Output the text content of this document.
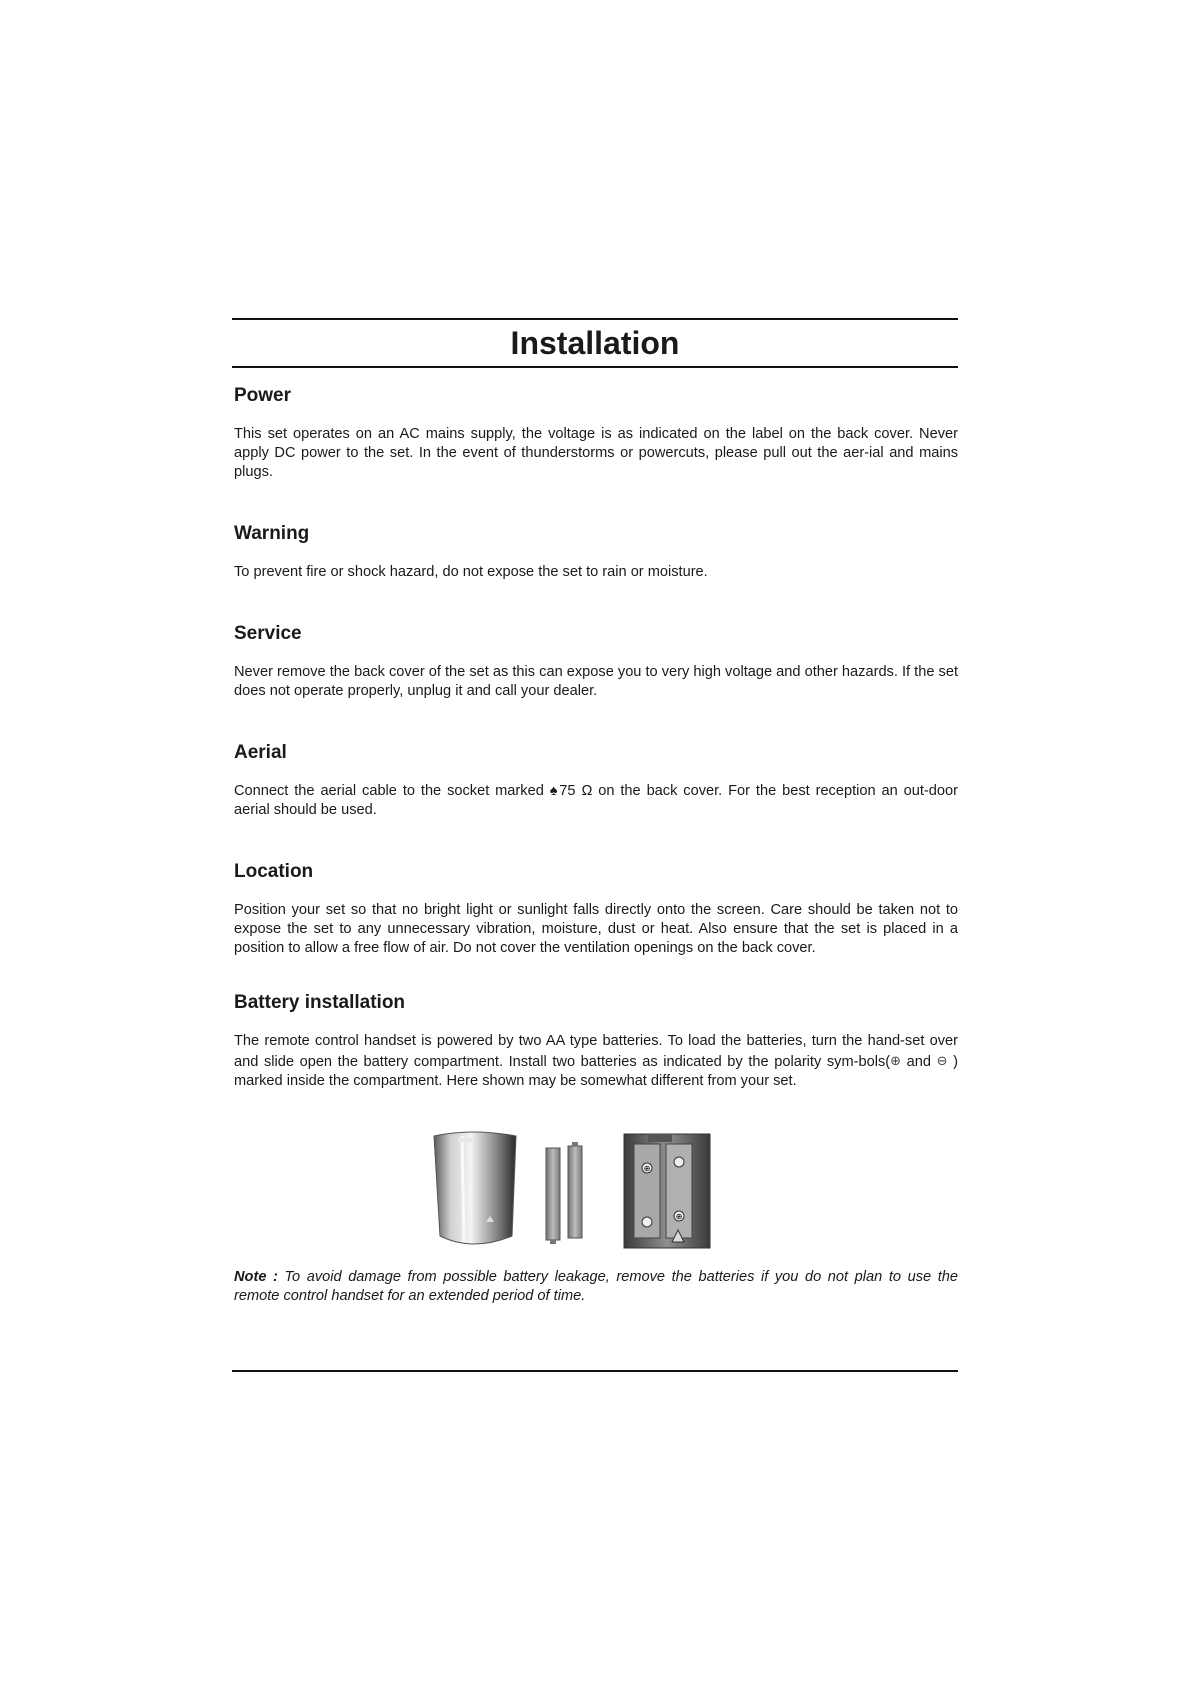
Installation
Power

This set operates on an AC mains supply, the voltage is as indicated on the label on the back cover. Never apply DC power to the set. In the event of thunderstorms or powercuts, please pull out the aer-ial and mains plugs.

Warning

To prevent fire or shock hazard, do not expose the set to rain or moisture.

Service

Never remove the back cover of the set as this can expose you to very high voltage and other hazards. If the set does not operate properly, unplug it and call your dealer.

Aerial

Connect the aerial cable to the socket marked ♠75 Ω on the back cover. For the best reception an out-door aerial should be used.

Location

Position your set so that no bright light or sunlight falls directly onto the screen. Care should be taken not to expose the set to any unnecessary vibration, moisture, dust or heat. Also ensure that the set is placed in a position to allow a free flow of air. Do not cover the ventilation openings on the back cover.

Battery installation

The remote control handset is powered by two AA type batteries. To load the batteries, turn the hand-set over and slide open the battery compartment. Install two batteries as indicated by the polarity sym-bols(⊕ and ⊖ ) marked inside the compartment. Here shown may be somewhat different from your set.

⊕
⊕
Note : To avoid damage from possible battery leakage, remove the batteries if you do not plan to use the remote control handset for an extended period of time.
